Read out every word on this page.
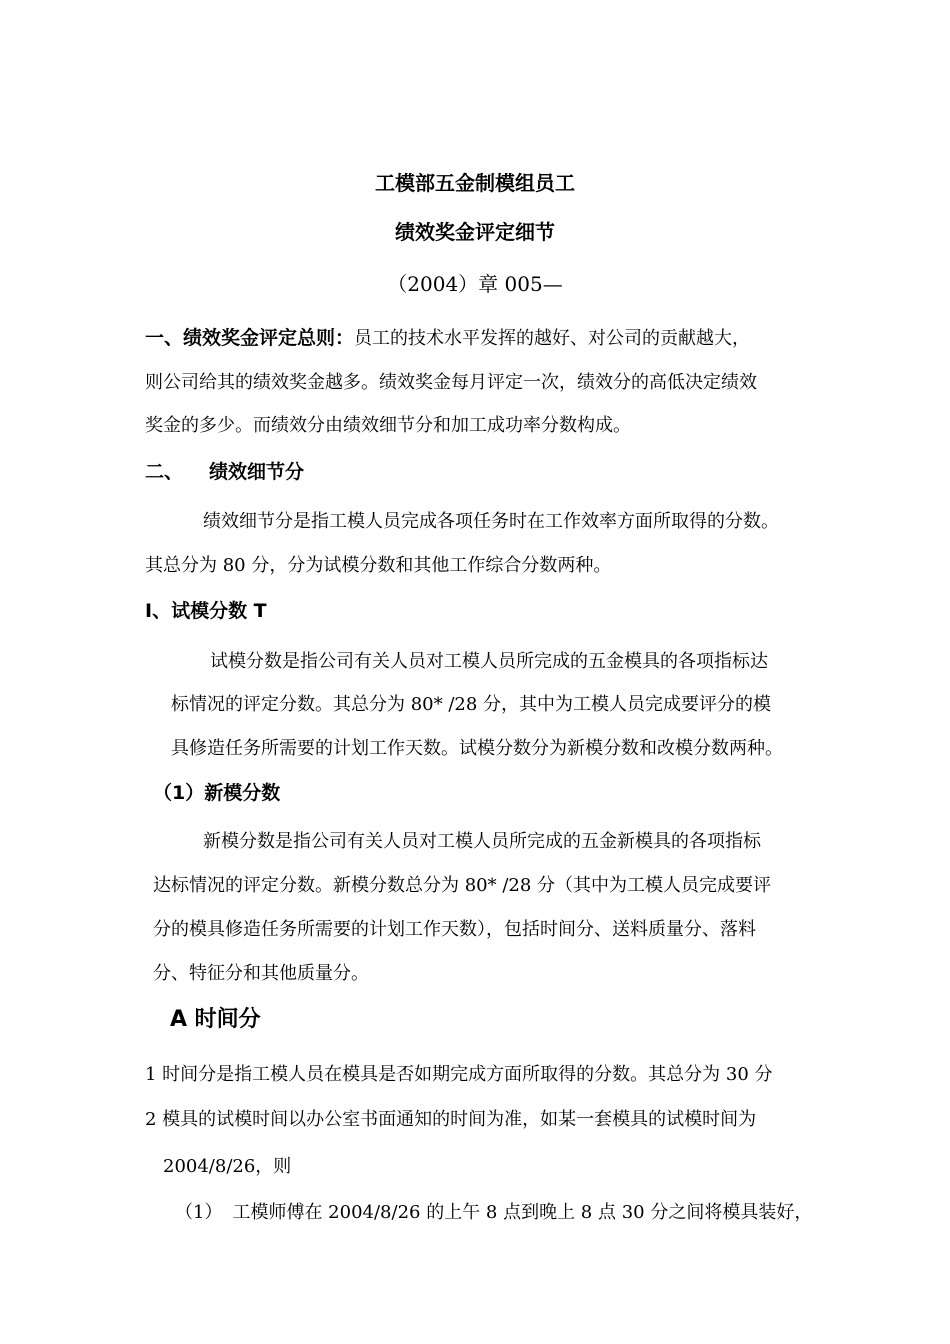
工模部五金制模组员工
绩效奖金评定细节
（2004）章 005—
一、绩效奖金评定总则：员工的技术水平发挥的越好、对公司的贡献越大，
则公司给其的绩效奖金越多。绩效奖金每月评定一次，绩效分的高低决定绩效
奖金的多少。而绩效分由绩效细节分和加工成功率分数构成。
二、 绩效细节分
绩效细节分是指工模人员完成各项任务时在工作效率方面所取得的分数。
其总分为 80 分，分为试模分数和其他工作综合分数两种。
I、试模分数 T
试模分数是指公司有关人员对工模人员所完成的五金模具的各项指标达
标情况的评定分数。其总分为 80* /28 分，其中为工模人员完成要评分的模
具修造任务所需要的计划工作天数。试模分数分为新模分数和改模分数两种。
（1）新模分数
新模分数是指公司有关人员对工模人员所完成的五金新模具的各项指标
达标情况的评定分数。新模分数总分为 80* /28 分（其中为工模人员完成要评
分的模具修造任务所需要的计划工作天数），包括时间分、送料质量分、落料
分、特征分和其他质量分。
A 时间分
1 时间分是指工模人员在模具是否如期完成方面所取得的分数。其总分为 30 分
2 模具的试模时间以办公室书面通知的时间为准，如某一套模具的试模时间为
2004/8/26，则
（1） 工模师傅在 2004/8/26 的上午 8 点到晚上 8 点 30 分之间将模具装好，
